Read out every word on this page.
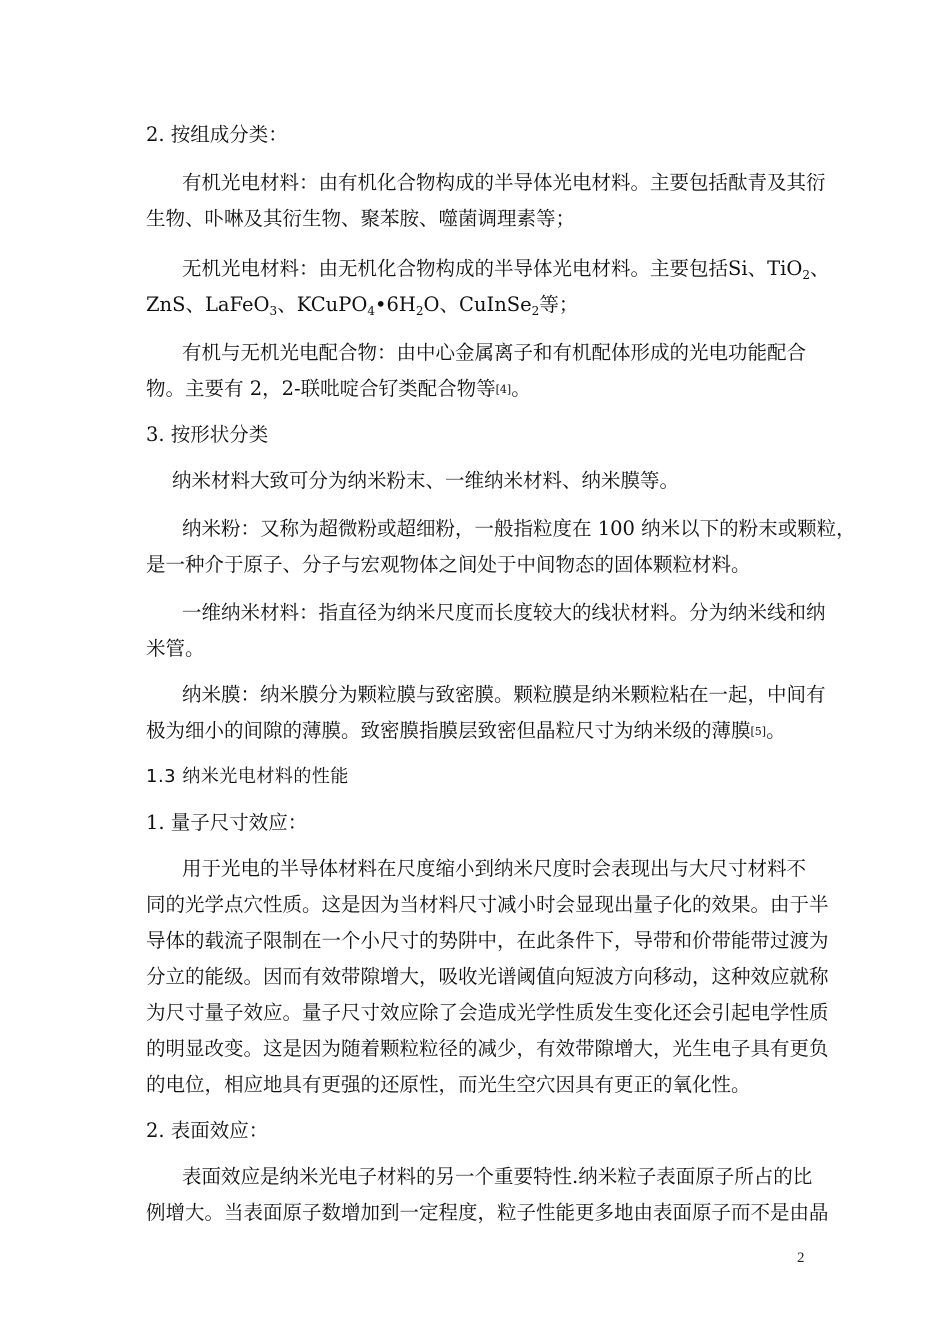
2. 按组成分类：
有机光电材料：由有机化合物构成的半导体光电材料。主要包括酞青及其衍
生物、卟啉及其衍生物、聚苯胺、噬菌调理素等；
无机光电材料：由无机化合物构成的半导体光电材料。主要包括Si、TiO$_2$、
ZnS、LaFeO$_3$、$KCuPO_4•6H_2O$、CuInSe$_2$等；
有机与无机光电配合物：由中心金属离子和有机配体形成的光电功能配合
物。主要有 2，2-联吡啶合钌类配合物等[4]。
3. 按形状分类
纳米材料大致可分为纳米粉末、一维纳米材料、纳米膜等。
纳米粉：又称为超微粉或超细粉，一般指粒度在 100 纳米以下的粉末或颗粒，
是一种介于原子、分子与宏观物体之间处于中间物态的固体颗粒材料。
一维纳米材料：指直径为纳米尺度而长度较大的线状材料。分为纳米线和纳
米管。
纳米膜：纳米膜分为颗粒膜与致密膜。颗粒膜是纳米颗粒粘在一起，中间有
极为细小的间隙的薄膜。致密膜指膜层致密但晶粒尺寸为纳米级的薄膜[5]。
1.3 纳米光电材料的性能
1. 量子尺寸效应：
用于光电的半导体材料在尺度缩小到纳米尺度时会表现出与大尺寸材料不
同的光学点穴性质。这是因为当材料尺寸减小时会显现出量子化的效果。由于半
导体的载流子限制在一个小尺寸的势阱中，在此条件下，导带和价带能带过渡为
分立的能级。因而有效带隙增大，吸收光谱阈值向短波方向移动，这种效应就称
为尺寸量子效应。量子尺寸效应除了会造成光学性质发生变化还会引起电学性质
的明显改变。这是因为随着颗粒粒径的减少，有效带隙增大，光生电子具有更负
的电位，相应地具有更强的还原性，而光生空穴因具有更正的氧化性。
2. 表面效应：
表面效应是纳米光电子材料的另一个重要特性.纳米粒子表面原子所占的比
例增大。当表面原子数增加到一定程度，粒子性能更多地由表面原子而不是由晶
2
